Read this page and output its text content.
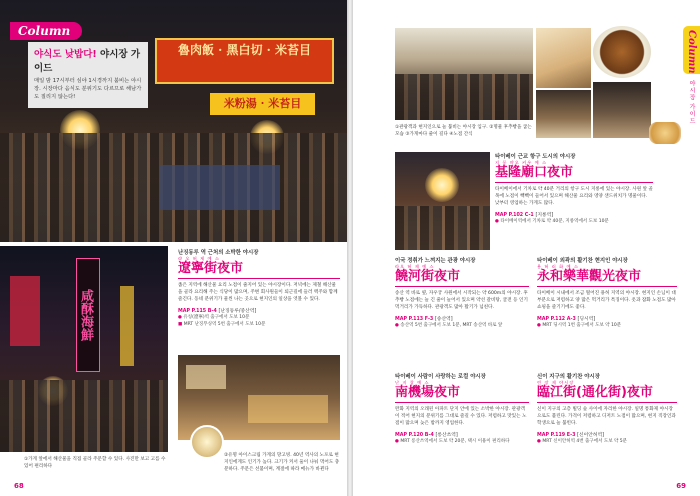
魯肉飯 · 黑白切 · 米苔目
米粉湯 · 米苔目
Column
야식도 낮밥다! 야시장 가이드
매일 밤 17시부터 심야 1시경까지 붐비는 야시장. 시장마다 음식도 분위기도 다르므로 해남가도 질리지 않는다!
咸酥海鮮
난징동루 역 근처의 소박한 야시장
랴 오 허 제 예 스
遼寧街夜市
좁은 지역에 해산물 요리 노점이 줄지어 있는 야시장이다. 저녁에는 제철 해산물을 골라 요리해 주는 식당이 많으며, 주변 회사원들이 퇴근길에 들러 맥주와 함께 즐긴다. 동네 분위기가 물씬 나는 곳으로 현지인의 일상을 엿볼 수 있다.
MAP P.115 B-4 [난징동루/중산역]
● 유칭(遼寧)역 출구에서 도보 10분
■ MRT 난징푸싱역 5번 출구에서 도보 10분
①가게 앞에서 해산물을 직접 골라 주문할 수 있다. 사진만 보고 고를 수 있어 편리하다
②유명 아이스크림 가게의 망고빙. 40년 역사의 노포로 현지인에게도 인기가 높다. 크기가 커서 둘이 나눠 먹어도 충분하다. 주문은 선불이며, 계절에 따라 메뉴가 바뀐다
68
Column
야시장 가이드
①관광객과 현지인으로 늘 붐비는 야시장 입구. ②명물 후추빵을 굽는 모습 ③가게마다 줄이 길다 ④노점 간식
타이베이 근교 항구 도시의 야시장
지 룽 먀오 커우 예 스
基隆廟口夜市
타이베이에서 기차로 약 40분 거리의 항구 도시 지룽에 있는 야시장. 사원 앞 골목에 노점이 빽빽이 들어서 있으며 해산물 요리와 영양 샌드위치가 명물이다. 낮부터 영업하는 가게도 많다.
MAP P.102 C-1 [지룽역]
● 타이베이역에서 기차로 약 40분, 지룽역에서 도보 10분
이국 정취가 느껴지는 관광 야시장
라오 허 제 예 스
饒河街夜市
송산 역 바로 옆, 자우궁 사원에서 시작되는 약 600m의 야시장. 후추빵 노점에는 늘 긴 줄이 늘어서 있으며 약선 갈비탕, 굴전 등 인기 먹거리가 가득하다. 관광객도 많아 활기가 넘친다.
MAP P.113 F-3 [송산역]
● 송산역 5번 출구에서 도보 1분, MRT 송산역 바로 앞
타이베이 외곽의 활기찬 현지인 야시장
용 허 러 화 예 스
永和樂華觀光夜市
타이베이 시내에서 조금 떨어진 용허 지역의 야시장. 현지인 손님이 대부분으로 저렴하고 양 많은 먹거리가 특징이다. 옷과 잡화 노점도 많아 쇼핑을 즐기기에도 좋다.
MAP P.112 A-3 [딩시역]
● MRT 딩시역 1번 출구에서 도보 약 10분
타이베이 사람이 사랑하는 로컬 야시장
난 지 창 예 스
南機場夜市
완화 지역의 오래된 아파트 단지 안에 있는 소박한 야시장. 관광객이 적어 현지의 분위기를 그대로 즐길 수 있다. 저렴하고 맛있는 노점이 많으며 늦은 밤까지 영업한다.
MAP P.120 B-4 [롱산쓰역]
● MRT 롱산쓰역에서 도보 약 20분, 택시 이용이 편리하다
신이 지구의 활기찬 야시장
린 장 제 야시장
臨江街(通化街)夜市
신이 지구의 고층 빌딩 숲 사이에 자리한 야시장. 일명 통화제 야시장으로도 불린다. 가격이 저렴하고 디저트 노점이 많으며, 현지 직장인과 학생으로 늘 붐빈다.
MAP P.119 E-3 [신이안허역]
● MRT 신이안허역 4번 출구에서 도보 약 5분
69
